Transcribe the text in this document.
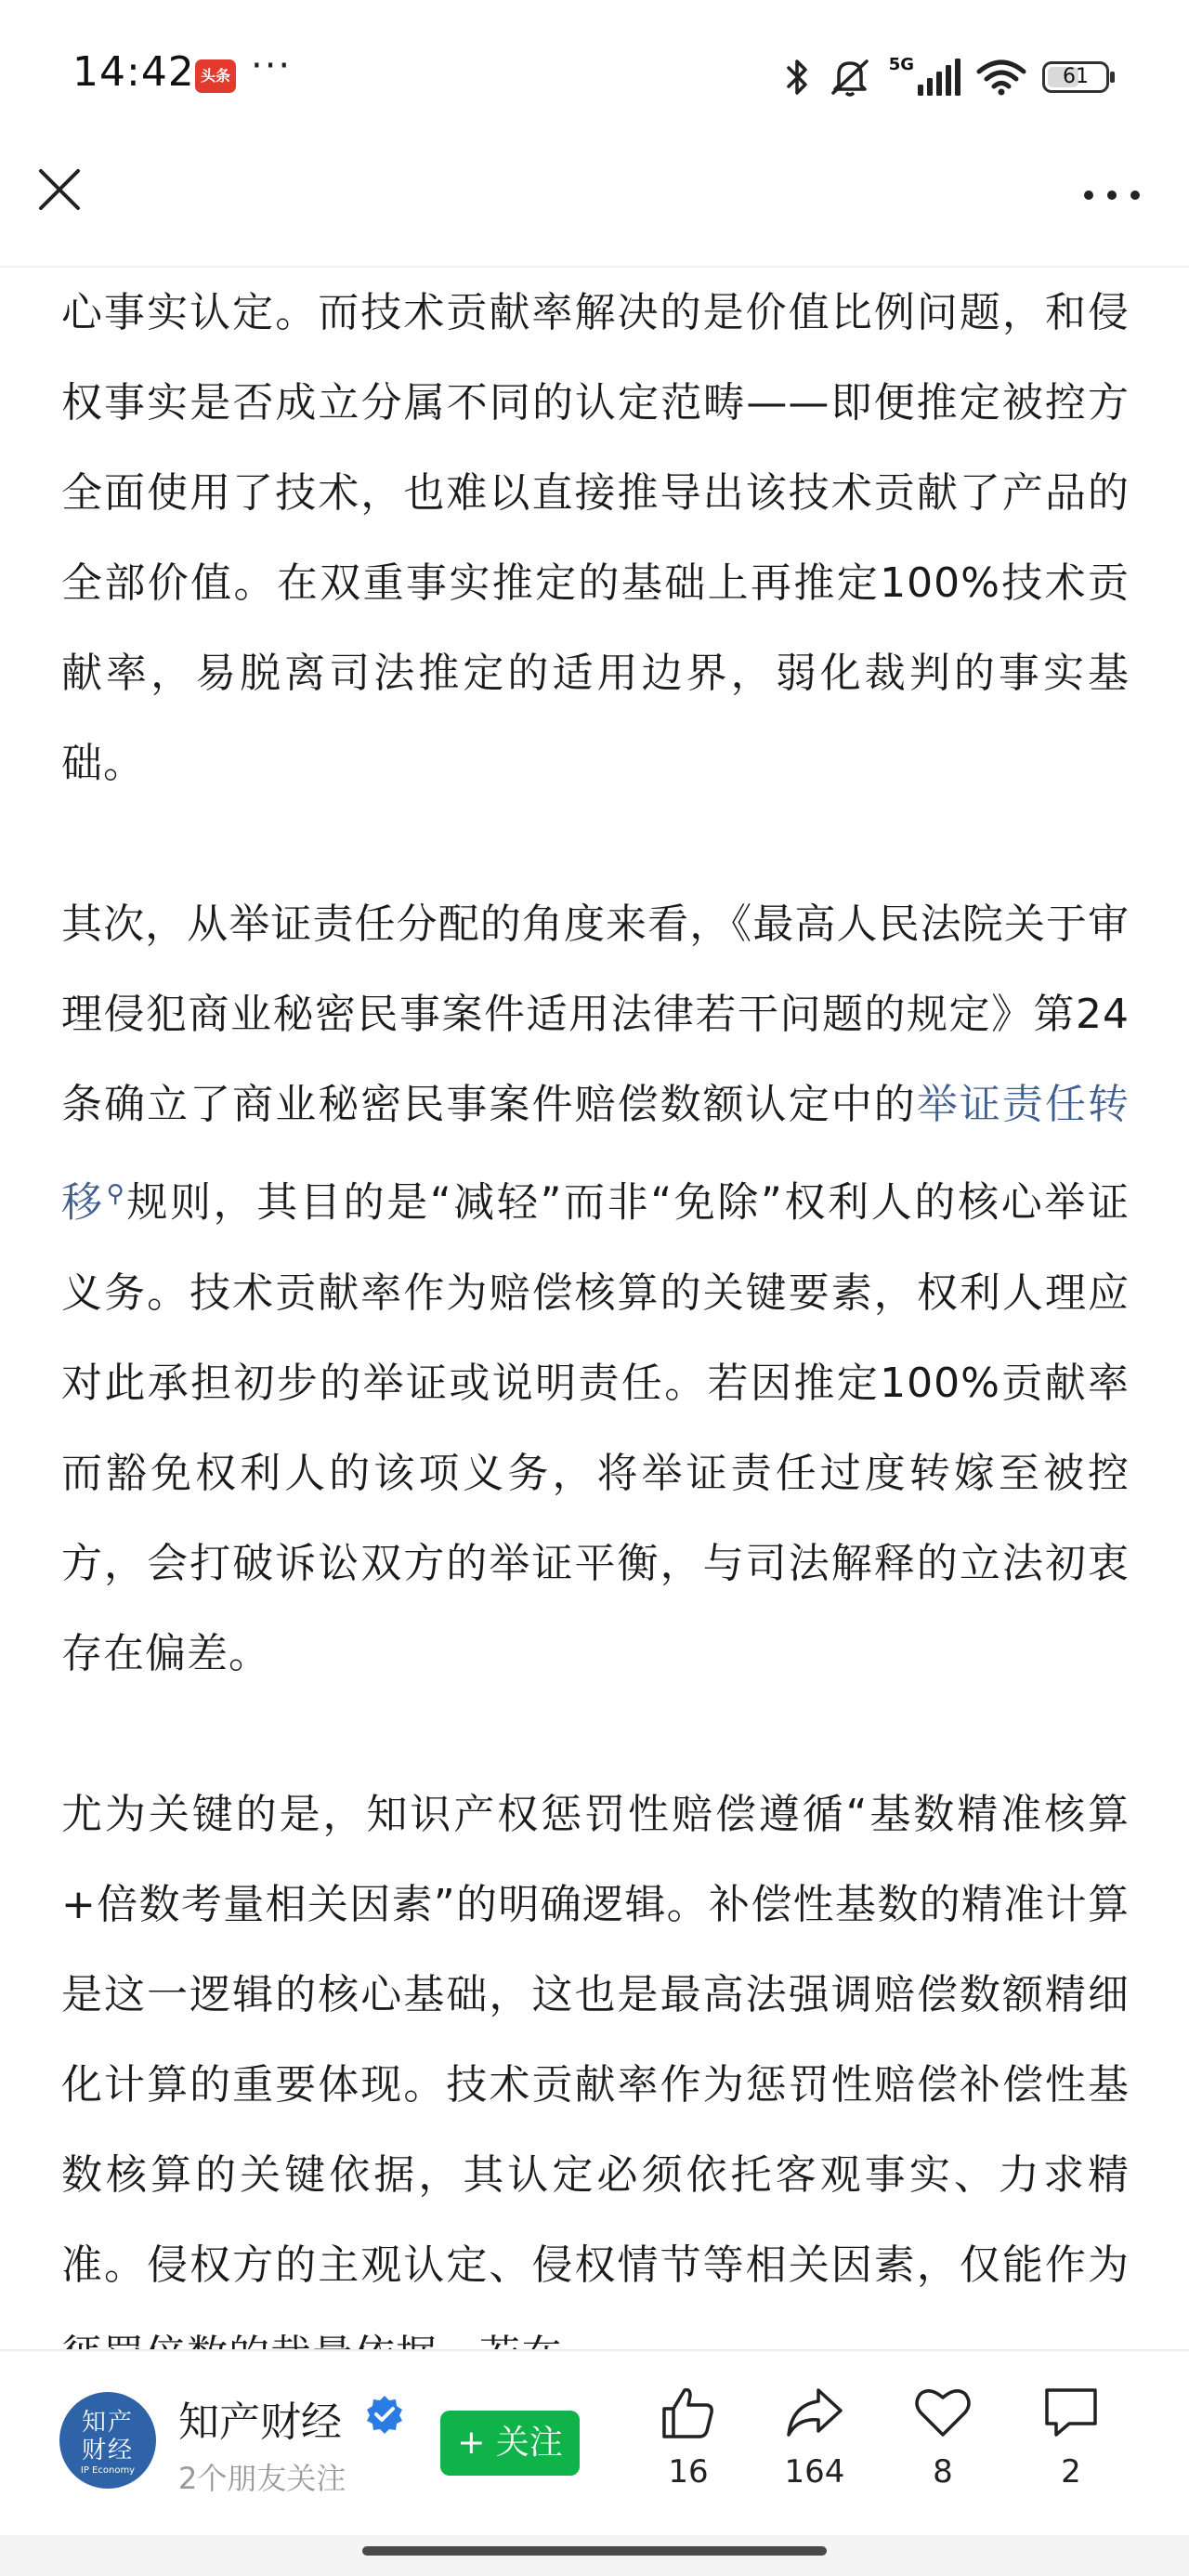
14:42 头条 ···	5G
61

心事实认定。而技术贡献率解决的是价值比例问题，和侵权事实是否成立分属不同的认定范畴——即便推定被控方全面使用了技术，也难以直接推导出该技术贡献了产品的全部价值。在双重事实推定的基础上再推定100%技术贡献率，易脱离司法推定的适用边界，弱化裁判的事实基础。

其次，从举证责任分配的角度来看，《最高人民法院关于审理侵犯商业秘密民事案件适用法律若干问题的规定》第24条确立了商业秘密民事案件赔偿数额认定中的举证责任转移⚲规则，其目的是“减轻”而非“免除”权利人的核心举证义务。技术贡献率作为赔偿核算的关键要素，权利人理应对此承担初步的举证或说明责任。若因推定100%贡献率而豁免权利人的该项义务，将举证责任过度转嫁至被控方，会打破诉讼双方的举证平衡，与司法解释的立法初衷存在偏差。

尤为关键的是，知识产权惩罚性赔偿遵循“基数精准核算+倍数考量相关因素”的明确逻辑。补偿性基数的精准计算是这一逻辑的核心基础，这也是最高法强调赔偿数额精细化计算的重要体现。技术贡献率作为惩罚性赔偿补偿性基数核算的关键依据，其认定必须依托客观事实、力求精准。侵权方的主观认定、侵权情节等相关因素，仅能作为

知产
财经
IP Economy
知产财经
2个朋友关注
+ 关注
16	164	8	2
